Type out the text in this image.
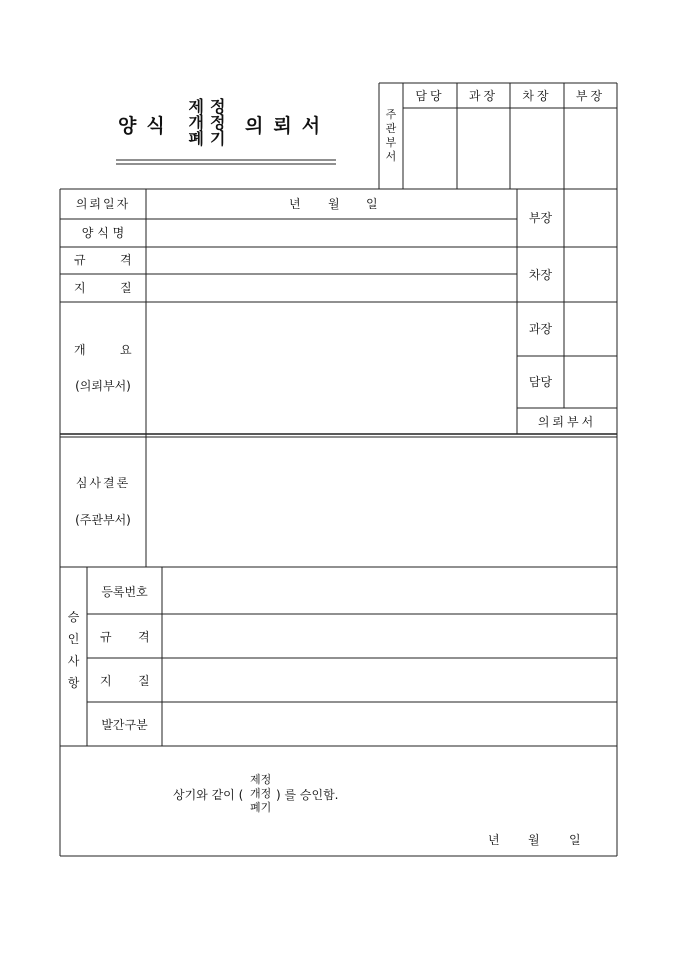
양식
제정
개정
폐기
의뢰서
주관부서
담당	과장	차장	부장
의뢰일자	년 월 일
양 식 명
규	격
지	질
개	요
(의뢰부서)
부장
차장
과장
담당
의뢰부서
심사결론
(주관부서)
승
인
사
항
등록번호
규 격
지 질
발간구분
상기와 같이 (
제정
개정
폐기
) 를 승인함.
년 월 일
